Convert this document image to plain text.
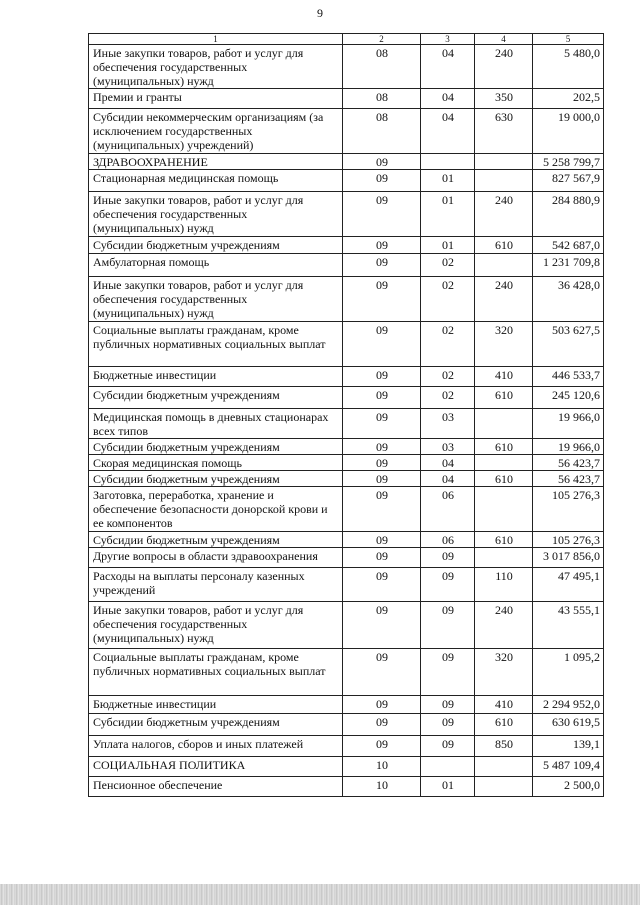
9
1	2	3	4	5
Иные закупки товаров, работ и услуг для обеспечения государственных (муниципальных) нужд	08	04	240	5 480,0
Премии и гранты	08	04	350	202,5
Субсидии некоммерческим организациям (за исключением государственных (муниципальных) учреждений)	08	04	630	19 000,0
ЗДРАВООХРАНЕНИЕ	09			5 258 799,7
Стационарная медицинская помощь	09	01		827 567,9
Иные закупки товаров, работ и услуг для обеспечения государственных (муниципальных) нужд	09	01	240	284 880,9
Субсидии бюджетным учреждениям	09	01	610	542 687,0
Амбулаторная помощь	09	02		1 231 709,8
Иные закупки товаров, работ и услуг для обеспечения государственных (муниципальных) нужд	09	02	240	36 428,0
Социальные выплаты гражданам, кроме публичных нормативных социальных выплат	09	02	320	503 627,5
Бюджетные инвестиции	09	02	410	446 533,7
Субсидии бюджетным учреждениям	09	02	610	245 120,6
Медицинская помощь в дневных стационарах всех типов	09	03		19 966,0
Субсидии бюджетным учреждениям	09	03	610	19 966,0
Скорая медицинская помощь	09	04		56 423,7
Субсидии бюджетным учреждениям	09	04	610	56 423,7
Заготовка, переработка, хранение и обеспечение безопасности донорской крови и ее компонентов	09	06		105 276,3
Субсидии бюджетным учреждениям	09	06	610	105 276,3
Другие вопросы в области здравоохранения	09	09		3 017 856,0
Расходы на выплаты персоналу казенных учреждений	09	09	110	47 495,1
Иные закупки товаров, работ и услуг для обеспечения государственных (муниципальных) нужд	09	09	240	43 555,1
Социальные выплаты гражданам, кроме публичных нормативных социальных выплат	09	09	320	1 095,2
Бюджетные инвестиции	09	09	410	2 294 952,0
Субсидии бюджетным учреждениям	09	09	610	630 619,5
Уплата налогов, сборов и иных платежей	09	09	850	139,1
СОЦИАЛЬНАЯ ПОЛИТИКА	10			5 487 109,4
Пенсионное обеспечение	10	01		2 500,0
